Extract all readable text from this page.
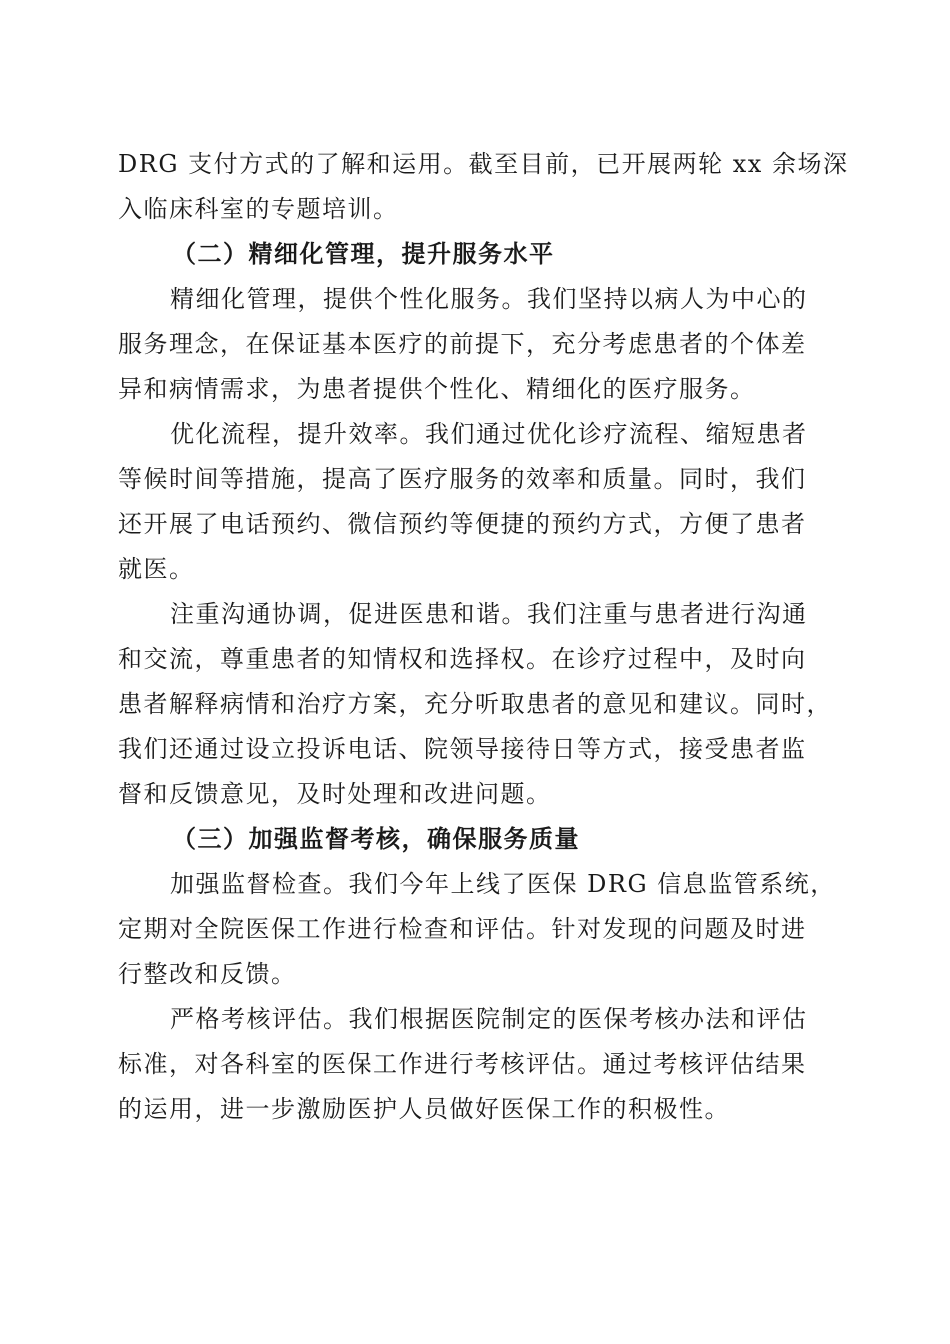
DRG 支付方式的了解和运用。截至目前，已开展两轮 xx 余场深
入临床科室的专题培训。
（二）精细化管理，提升服务水平
精细化管理，提供个性化服务。我们坚持以病人为中心的
服务理念，在保证基本医疗的前提下，充分考虑患者的个体差
异和病情需求，为患者提供个性化、精细化的医疗服务。
优化流程，提升效率。我们通过优化诊疗流程、缩短患者
等候时间等措施，提高了医疗服务的效率和质量。同时，我们
还开展了电话预约、微信预约等便捷的预约方式，方便了患者
就医。
注重沟通协调，促进医患和谐。我们注重与患者进行沟通
和交流，尊重患者的知情权和选择权。在诊疗过程中，及时向
患者解释病情和治疗方案，充分听取患者的意见和建议。同时，
我们还通过设立投诉电话、院领导接待日等方式，接受患者监
督和反馈意见，及时处理和改进问题。
（三）加强监督考核，确保服务质量
加强监督检查。我们今年上线了医保 DRG 信息监管系统，
定期对全院医保工作进行检查和评估。针对发现的问题及时进
行整改和反馈。
严格考核评估。我们根据医院制定的医保考核办法和评估
标准，对各科室的医保工作进行考核评估。通过考核评估结果
的运用，进一步激励医护人员做好医保工作的积极性。
